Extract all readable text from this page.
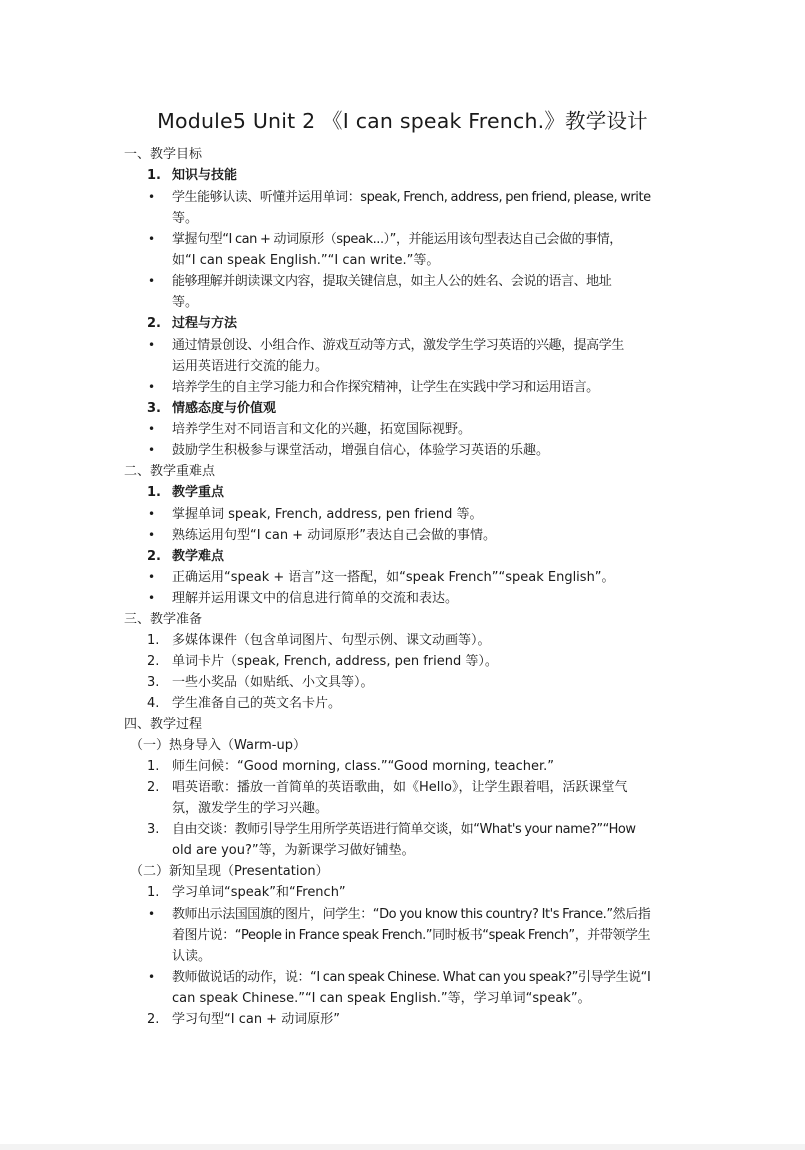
Module5 Unit 2 《I can speak French.》教学设计
一、教学目标
1. 知识与技能
• 学生能够认读、听懂并运用单词：speak, French, address, pen friend, please, write
等。
• 掌握句型“I can + 动词原形（speak...）”，并能运用该句型表达自己会做的事情，
如“I can speak English.”“I can write.”等。
• 能够理解并朗读课文内容，提取关键信息，如主人公的姓名、会说的语言、地址
等。
2. 过程与方法
• 通过情景创设、小组合作、游戏互动等方式，激发学生学习英语的兴趣，提高学生
运用英语进行交流的能力。
• 培养学生的自主学习能力和合作探究精神，让学生在实践中学习和运用语言。
3. 情感态度与价值观
• 培养学生对不同语言和文化的兴趣，拓宽国际视野。
• 鼓励学生积极参与课堂活动，增强自信心，体验学习英语的乐趣。
二、教学重难点
1. 教学重点
• 掌握单词 speak, French, address, pen friend 等。
• 熟练运用句型“I can + 动词原形”表达自己会做的事情。
2. 教学难点
• 正确运用“speak + 语言”这一搭配，如“speak French”“speak English”。
• 理解并运用课文中的信息进行简单的交流和表达。
三、教学准备
1. 多媒体课件（包含单词图片、句型示例、课文动画等）。
2. 单词卡片（speak, French, address, pen friend 等）。
3. 一些小奖品（如贴纸、小文具等）。
4. 学生准备自己的英文名卡片。
四、教学过程
（一）热身导入（Warm-up）
1. 师生问候：“Good morning, class.”“Good morning, teacher.”
2. 唱英语歌：播放一首简单的英语歌曲，如《Hello》，让学生跟着唱，活跃课堂气
氛，激发学生的学习兴趣。
3. 自由交谈：教师引导学生用所学英语进行简单交谈，如“What's your name?”“How
old are you?”等，为新课学习做好铺垫。
（二）新知呈现（Presentation）
1. 学习单词“speak”和“French”
• 教师出示法国国旗的图片，问学生：“Do you know this country? It's France.”然后指
着图片说：“People in France speak French.”同时板书“speak French”，并带领学生
认读。
• 教师做说话的动作，说：“I can speak Chinese. What can you speak?”引导学生说“I
can speak Chinese.”“I can speak English.”等，学习单词“speak”。
2. 学习句型“I can + 动词原形”
